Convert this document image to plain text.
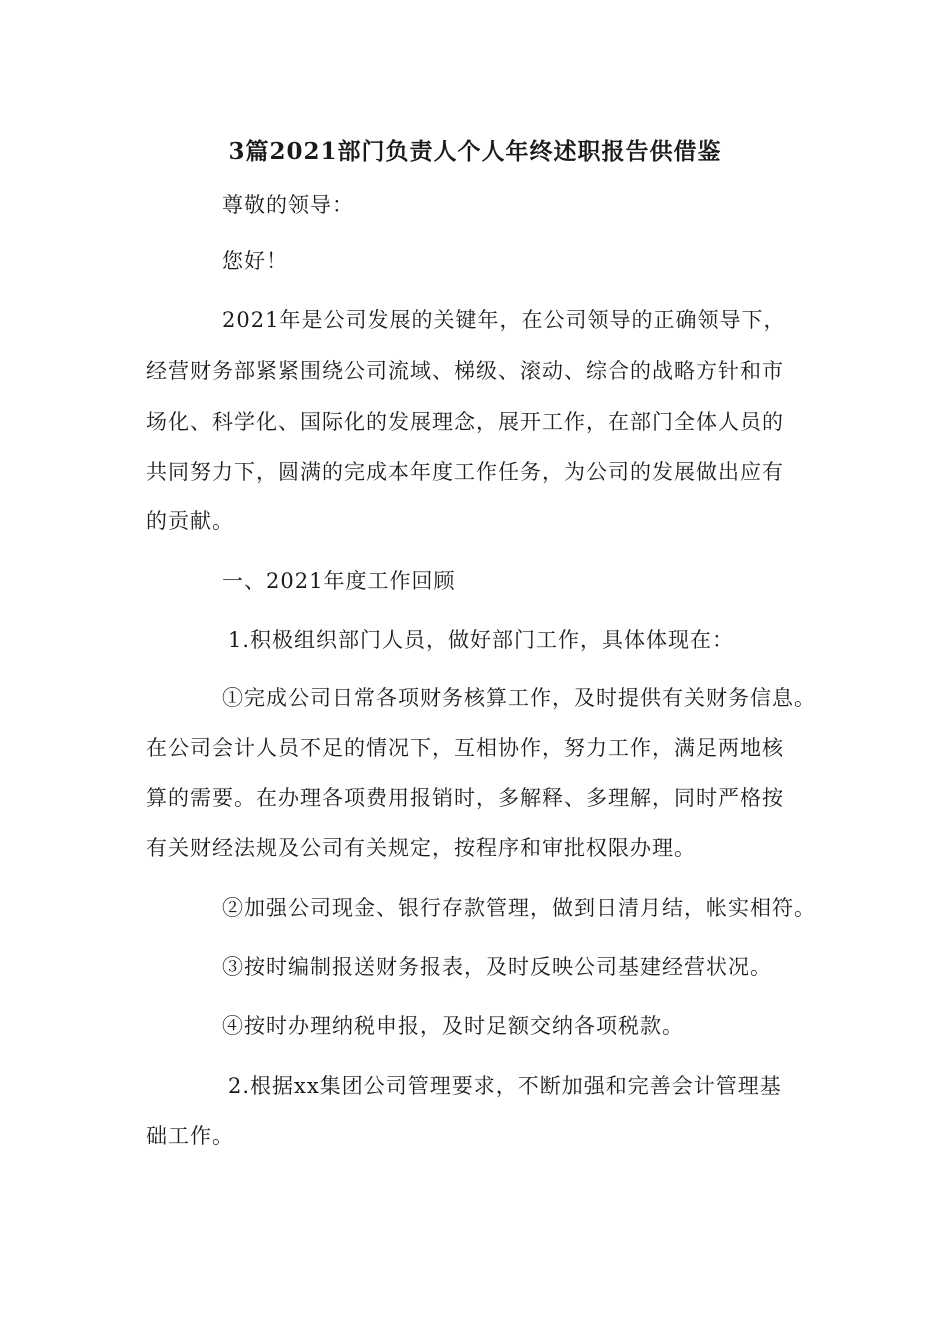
3篇2021部门负责人个人年终述职报告供借鉴
尊敬的领导：
您好！
2021年是公司发展的关键年，在公司领导的正确领导下，
经营财务部紧紧围绕公司流域、梯级、滚动、综合的战略方针和市
场化、科学化、国际化的发展理念，展开工作，在部门全体人员的
共同努力下，圆满的完成本年度工作任务，为公司的发展做出应有
的贡献。
一、2021年度工作回顾
1.积极组织部门人员，做好部门工作，具体体现在：
①完成公司日常各项财务核算工作，及时提供有关财务信息。
在公司会计人员不足的情况下，互相协作，努力工作，满足两地核
算的需要。在办理各项费用报销时，多解释、多理解，同时严格按
有关财经法规及公司有关规定，按程序和审批权限办理。
②加强公司现金、银行存款管理，做到日清月结，帐实相符。
③按时编制报送财务报表，及时反映公司基建经营状况。
④按时办理纳税申报，及时足额交纳各项税款。
2.根据xx集团公司管理要求，不断加强和完善会计管理基
础工作。
